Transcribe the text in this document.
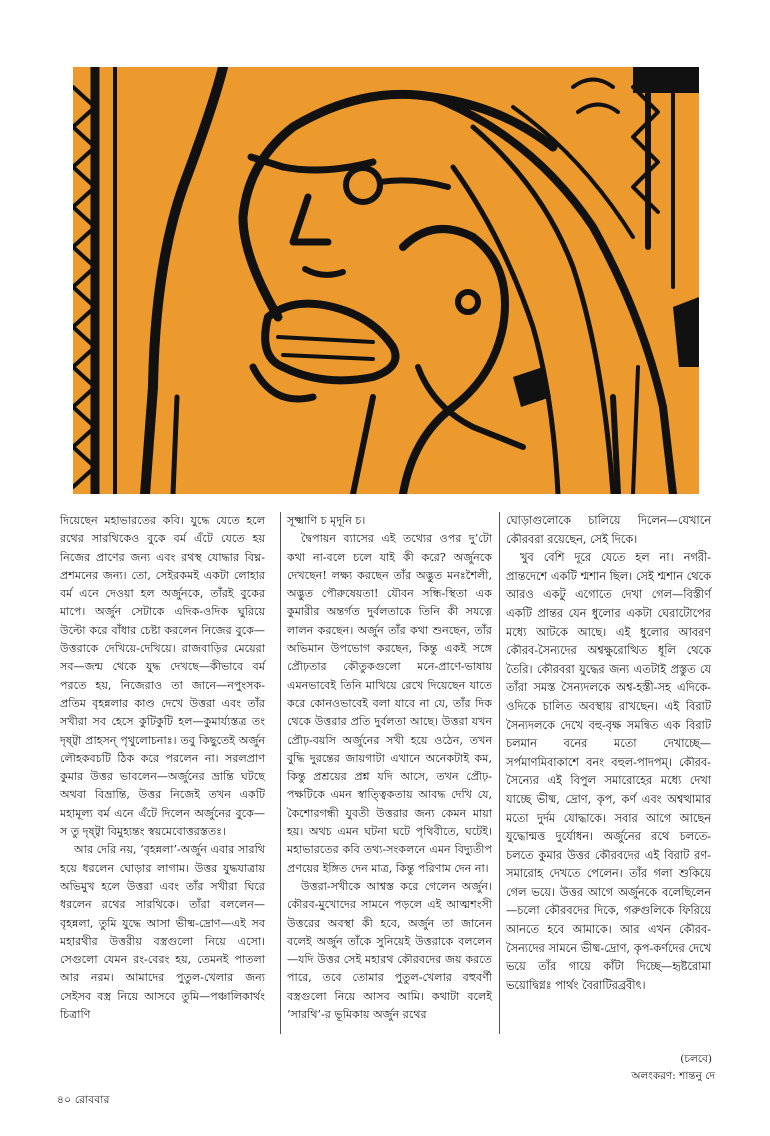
দিয়েছেন মহাভারতের কবি। যুদ্ধে যেতে হলে রথের সারথিকেও বুকে বর্ম এঁটে যেতে হয় নিজের প্রাণের জন্য এবং রথস্থ যোদ্ধার বিঘ্ন-প্রশমনের জন্য। তো, সেইরকমই একটা লোহার বর্ম এনে দেওয়া হল অর্জুনকে, তাঁরই বুকের মাপে। অর্জুন সেটাকে এদিক-ওদিক ঘুরিয়ে উল্টো করে বাঁধার চেষ্টা করলেন নিজের বুকে—উত্তরাকে দেখিয়ে-দেখিয়ে। রাজবাড়ির মেয়েরা সব—জন্ম থেকে যুদ্ধ দেখছে—কীভাবে বর্ম পরতে হয়, নিজেরাও তা জানে—নপুংসক-প্রতিম বৃহন্নলার কাণ্ড দেখে উত্তরা এবং তাঁর সখীরা সব হেসে কুটিকুটি হল—কুমার্য্যস্তত্র তং দৃষ্ট্বা প্রাহসন্ পৃথুলোচনাঃ। তবু কিছুতেই অর্জুন লৌহকবচটি ঠিক করে পরলেন না। সরলপ্রাণ কুমার উত্তর ভাবলেন—অর্জুনের ভ্রান্তি ঘটছে অথবা বিভ্রান্তি, উত্তর নিজেই তখন একটি মহামূল্য বর্ম এনে এঁটে দিলেন অর্জুনের বুকে—স তু দৃষ্ট্বা বিমুহ্যন্তং স্বয়মেবোত্তরস্ততঃ।

আর দেরি নয়, ‘বৃহন্নলা’-অর্জুন এবার সারথি হয়ে ধরলেন ঘোড়ার লাগাম। উত্তর যুদ্ধযাত্রায় অভিমুখ হলে উত্তরা এবং তাঁর সখীরা ঘিরে ধরলেন রথের সারথিকে। তাঁরা বললেন—বৃহন্নলা, তুমি যুদ্ধে আসা ভীষ্ম-দ্রোণ—এই সব মহারথীর উত্তরীয় বস্ত্রগুলো নিয়ে এসো। সেগুলো যেমন রং-বেরং হয়, তেমনই পাতলা আর নরম। আমাদের পুতুল-খেলার জন্য সেইসব বস্ত্র নিয়ে আসবে তুমি—পঞ্চালিকার্থং চিত্রাণি

সূক্ষ্মাণি চ মৃদূনি চ।

দ্বৈপায়ন ব্যাসের এই তথ্যের ওপর দু’টো কথা না-বলে চলে যাই কী করে? অর্জুনকে দেখছেন! লক্ষ্য করছেন তাঁর অদ্ভুত মনঃশৈলী, অদ্ভুত পৌরুষেয়তা! যৌবন সন্ধি-স্থিতা এক কুমারীর অন্তর্গত দুর্বলতাকে তিনি কী সযত্নে লালন করছেন। অর্জুন তাঁর কথা শুনছেন, তাঁর অভিমান উপভোগ করছেন, কিন্তু একই সঙ্গে প্রৌঢ়তার কৌতুকগুলো মনে-প্রাণে-ভাষায় এমনভাবেই তিনি মাখিয়ে রেখে দিয়েছেন যাতে করে কোনওভাবেই বলা যাবে না যে, তাঁর দিক থেকে উত্তরার প্রতি দুর্বলতা আছে। উত্তরা যখন প্রৌঢ়-বয়সি অর্জুনের সখী হয়ে ওঠেন, তখন বুদ্ধি দুরন্তের জায়গাটা এখানে অনেকটাই কম, কিন্তু প্রশ্রয়ের প্রশ্ন যদি আসে, তখন প্রৌঢ়-পক্ষটিকে এমন স্বাত্ত্বিকতায় আবদ্ধ দেখি যে, কৈশোরগন্ধী যুবতী উত্তরার জন্য কেমন মায়া হয়। অথচ এমন ঘটনা ঘটে পৃথিবীতে, ঘটেই। মহাভারতের কবি তথ্য-সংকলনে এমন বিদ্যুতীপ প্রণয়ের ইঙ্গিত দেন মাত্র, কিন্তু পরিণাম দেন না।

উত্তরা-সখীকে আশ্বস্ত করে গেলেন অর্জুন। কৌরব-মুখোদের সামনে পড়লে এই আত্মশংসী উত্তরের অবস্থা কী হবে, অর্জুন তা জানেন বলেই অর্জুন তাঁকে সুনিয়েই উত্তরাকে বললেন—যদি উত্তর সেই মহারথ কৌরবদের জয় করতে পারে, তবে তোমার পুতুল-খেলার বহুবর্ণী বস্ত্রগুলো নিয়ে আসব আমি। কথাটা বলেই ‘সারথি’-র ভূমিকায় অর্জুন রথের

ঘোড়াগুলোকে চালিয়ে দিলেন—যেখানে কৌরবরা রয়েছেন, সেই দিকে।

খুব বেশি দূরে যেতে হল না। নগরী-প্রান্তদেশে একটি শ্মশান ছিল। সেই শ্মশান থেকে আরও একটু এগোতে দেখা গেল—বিস্তীর্ণ একটি প্রান্তর যেন ধুলোর একটা ঘেরাটোপের মধ্যে আটকে আছে। এই ধুলোর আবরণ কৌরব-সৈন্যদের অশ্বক্ষুরোত্থিত ধূলি থেকে তৈরি। কৌরবরা যুদ্ধের জন্য এতটাই প্রস্তুত যে তাঁরা সমস্ত সৈন্যদলকে অশ্ব-হস্তী-সহ এদিকে-ওদিকে চালিত অবস্থায় রাখছেন। এই বিরাট সৈন্যদলকে দেখে বহু-বৃক্ষ সমন্বিত এক বিরাট চলমান বনের মতো দেখাচ্ছে—সর্পমাণমিবাকাশে বনং বহুল-পাদপম্। কৌরব-সৈন্যের এই বিপুল সমারোহের মধ্যে দেখা যাচ্ছে ভীষ্ম, দ্রোণ, কৃপ, কর্ণ এবং অশ্বত্থামার মতো দুর্দম যোদ্ধাকে। সবার আগে আছেন যুদ্ধোন্মত্ত দুর্যোধন। অর্জুনের রথে চলতে-চলতে কুমার উত্তর কৌরবদের এই বিরাট রণ-সমারোহ দেখতে পেলেন। তাঁর গলা শুকিয়ে গেল ভয়ে। উত্তর আগে অর্জুনকে বলেছিলেন—চলো কৌরবদের দিকে, গরুগুলিকে ফিরিয়ে আনতে হবে আমাকে। আর এখন কৌরব-সৈন্যদের সামনে ভীষ্ম-দ্রোণ, কৃপ-কর্ণদের দেখে ভয়ে তাঁর গায়ে কাঁটা দিচ্ছে—হৃষ্টরোমা ভয়োদ্বিগ্নঃ পার্থং বৈরাটিরব্রবীৎ।

(চলবে)
অলংকরণ: শান্তনু দে
৪০ রোববার
